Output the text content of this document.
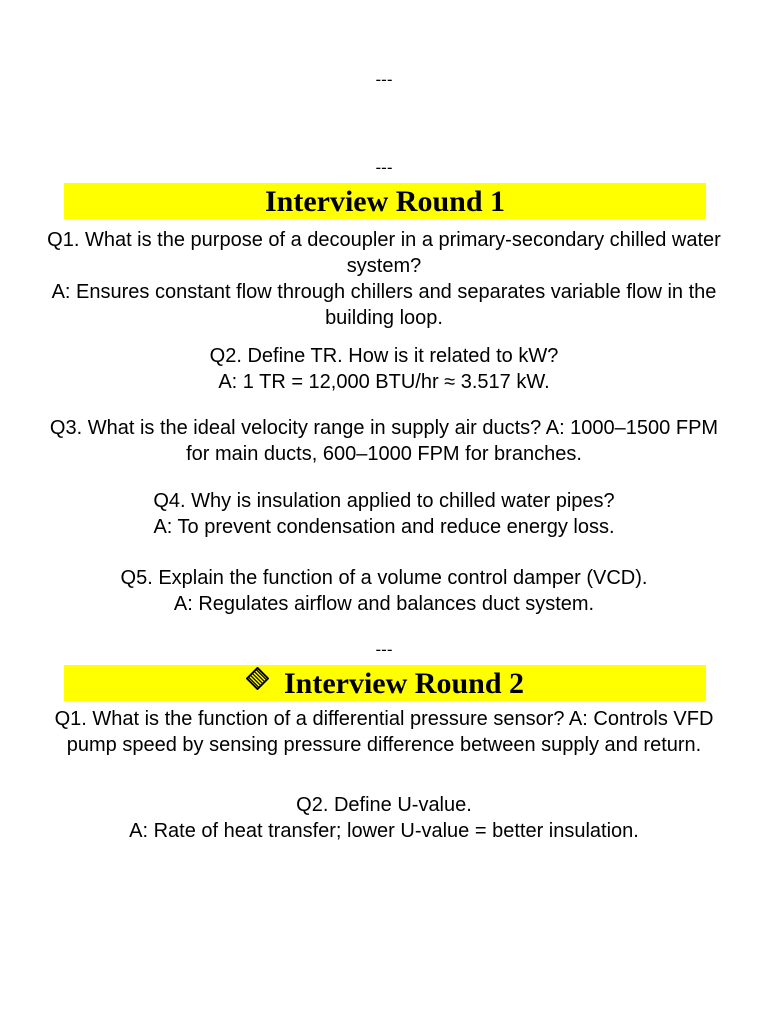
---
---
Interview Round 1

Q1. What is the purpose of a decoupler in a primary-secondary chilled water system?

A: Ensures constant flow through chillers and separates variable flow in the building loop.

Q2. Define TR. How is it related to kW?

A: 1 TR = 12,000 BTU/hr ≈ 3.517 kW.

Q3. What is the ideal velocity range in supply air ducts? A: 1000–1500 FPM for main ducts, 600–1000 FPM for branches.

Q4. Why is insulation applied to chilled water pipes?

A: To prevent condensation and reduce energy loss.

Q5. Explain the function of a volume control damper (VCD).

A: Regulates airflow and balances duct system.

---
Interview Round 2

Q1. What is the function of a differential pressure sensor? A: Controls VFD pump speed by sensing pressure difference between supply and return.

Q2. Define U-value.

A: Rate of heat transfer; lower U-value = better insulation.
